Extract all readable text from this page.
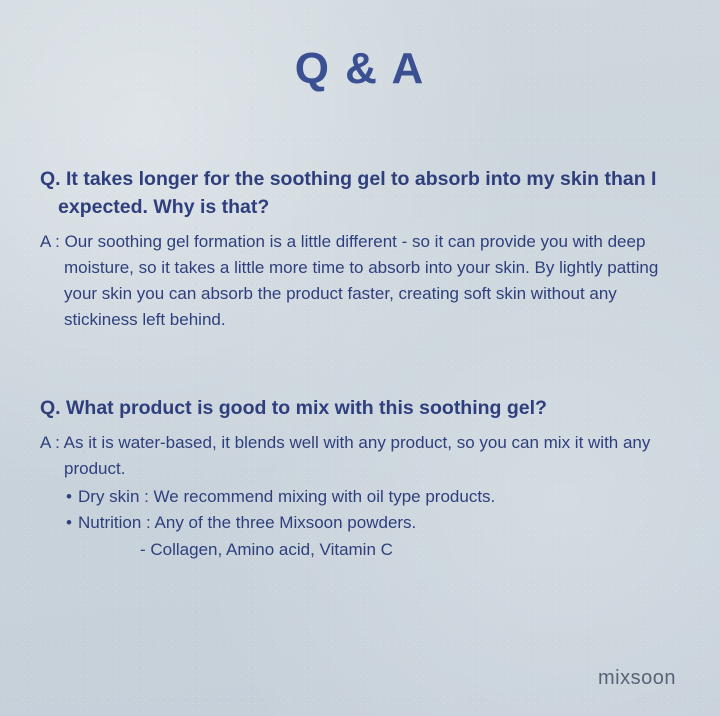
Q & A

Q. It takes longer for the soothing gel to absorb into my skin than I expected. Why is that?

A : Our soothing gel formation is a little different - so it can provide you with deep moisture, so it takes a little more time to absorb into your skin. By lightly patting your skin you can absorb the product faster, creating soft skin without any stickiness left behind.

Q. What product is good to mix with this soothing gel?

A : As it is water-based, it blends well with any product, so you can mix it with any product.

• Dry skin : We recommend mixing with oil type products.
• Nutrition : Any of the three Mixsoon powders.

- Collagen, Amino acid, Vitamin C

mixsoon
